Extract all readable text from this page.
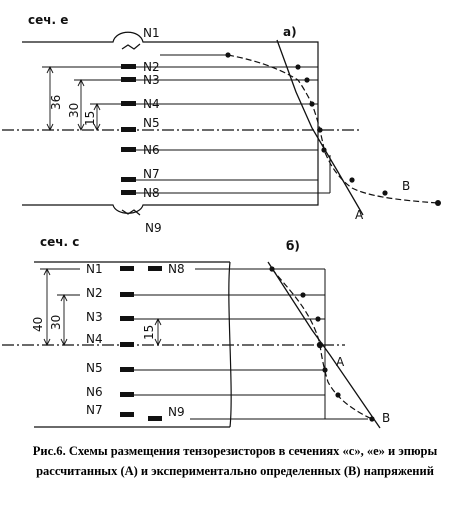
сеч. е
а)
N1
N2
N3
N4
N5
N6
N7
N8
N9
36
30
15
A
B
сеч. с	б)
N1
N2
N3
N4
N5
N6
N7
N8
N9
40 30
15
A
B

Рис.6. Схемы размещения тензорезисторов в сечениях «с», «е» и эпюры рассчитанных (А) и экспериментально определенных (В) напряжений
